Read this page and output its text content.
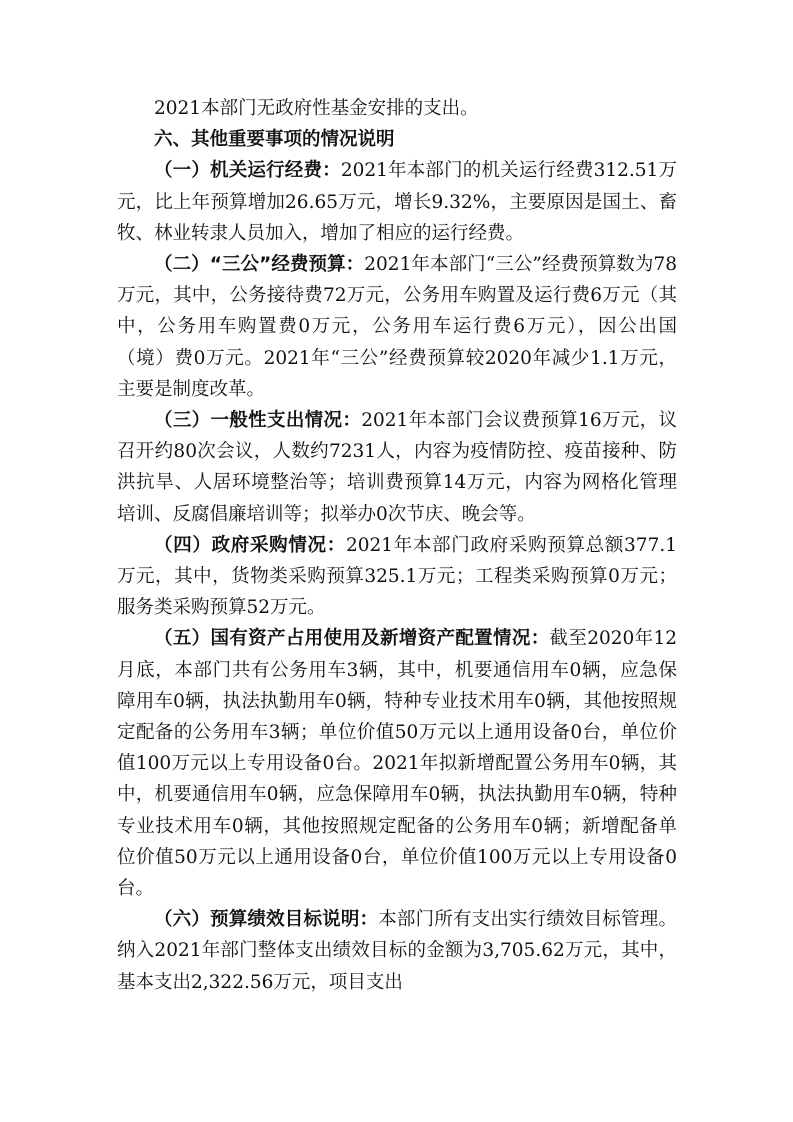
2021本部门无政府性基金安排的支出。

六、其他重要事项的情况说明

（一）机关运行经费：2021年本部门的机关运行经费312.51万元，比上年预算增加26.65万元，增长9.32%，主要原因是国土、畜牧、林业转隶人员加入，增加了相应的运行经费。

（二）“三公”经费预算：2021年本部门“三公”经费预算数为78万元，其中，公务接待费72万元，公务用车购置及运行费6万元（其中，公务用车购置费0万元，公务用车运行费6万元），因公出国（境）费0万元。2021年“三公”经费预算较2020年减少1.1万元，主要是制度改革。

（三）一般性支出情况：2021年本部门会议费预算16万元，议召开约80次会议，人数约7231人，内容为疫情防控、疫苗接种、防洪抗旱、人居环境整治等；培训费预算14万元，内容为网格化管理培训、反腐倡廉培训等；拟举办0次节庆、晚会等。

（四）政府采购情况：2021年本部门政府采购预算总额377.1万元，其中，货物类采购预算325.1万元；工程类采购预算0万元；服务类采购预算52万元。

（五）国有资产占用使用及新增资产配置情况：截至2020年12月底，本部门共有公务用车3辆，其中，机要通信用车0辆，应急保障用车0辆，执法执勤用车0辆，特种专业技术用车0辆，其他按照规定配备的公务用车3辆；单位价值50万元以上通用设备0台，单位价值100万元以上专用设备0台。2021年拟新增配置公务用车0辆，其中，机要通信用车0辆，应急保障用车0辆，执法执勤用车0辆，特种专业技术用车0辆，其他按照规定配备的公务用车0辆；新增配备单位价值50万元以上通用设备0台，单位价值100万元以上专用设备0台。

（六）预算绩效目标说明：本部门所有支出实行绩效目标管理。纳入2021年部门整体支出绩效目标的金额为3,705.62万元，其中，基本支出2,322.56万元，项目支出
